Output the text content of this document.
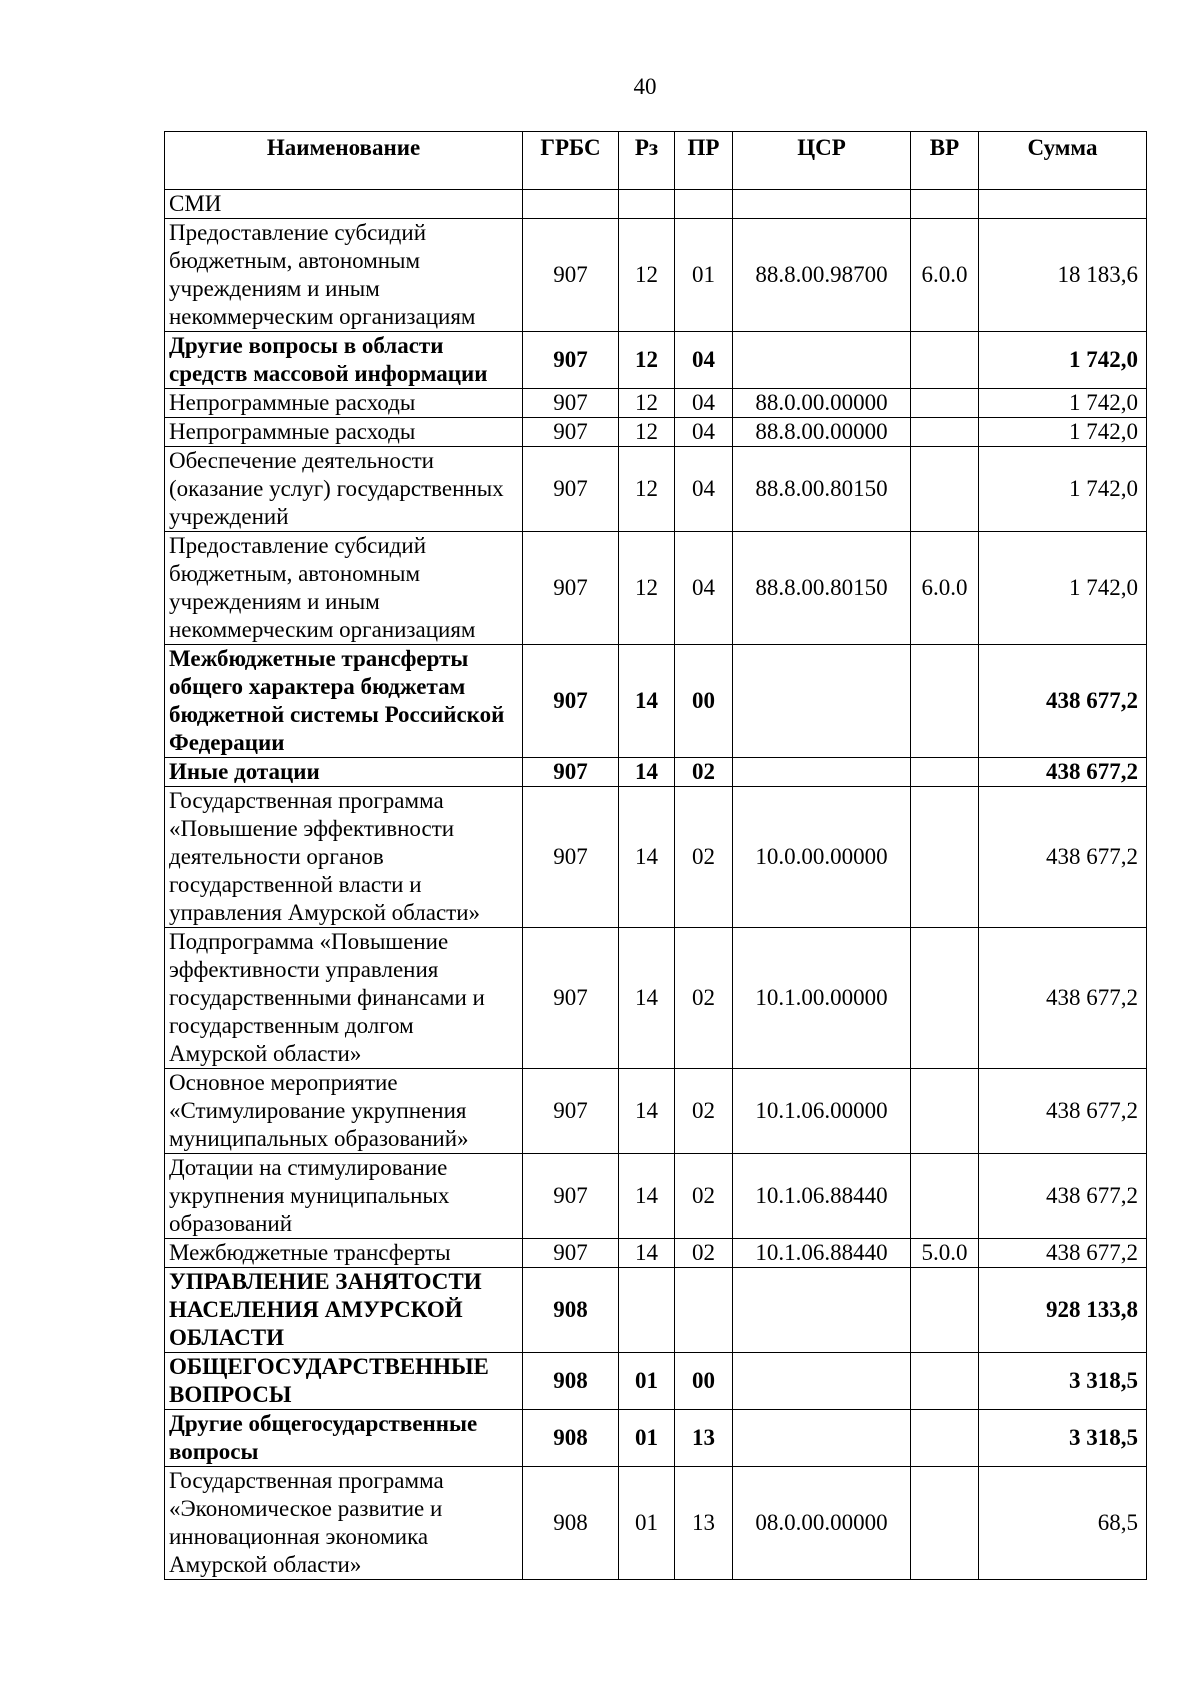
40
Наименование	ГРБС	Рз	ПР	ЦСР	ВР	Сумма
СМИ						
Предоставление субсидий бюджетным, автономным учреждениям и иным некоммерческим организациям	907	12	01	88.8.00.98700	6.0.0	18 183,6
Другие вопросы в области средств массовой информации	907	12	04			1 742,0
Непрограммные расходы	907	12	04	88.0.00.00000		1 742,0
Непрограммные расходы	907	12	04	88.8.00.00000		1 742,0
Обеспечение деятельности (оказание услуг) государственных учреждений	907	12	04	88.8.00.80150		1 742,0
Предоставление субсидий бюджетным, автономным учреждениям и иным некоммерческим организациям	907	12	04	88.8.00.80150	6.0.0	1 742,0
Межбюджетные трансферты общего характера бюджетам бюджетной системы Российской Федерации	907	14	00			438 677,2
Иные дотации	907	14	02			438 677,2
Государственная программа «Повышение эффективности деятельности органов государственной власти и управления Амурской области»	907	14	02	10.0.00.00000		438 677,2
Подпрограмма «Повышение эффективности управления государственными финансами и государственным долгом Амурской области»	907	14	02	10.1.00.00000		438 677,2
Основное мероприятие «Стимулирование укрупнения муниципальных образований»	907	14	02	10.1.06.00000		438 677,2
Дотации на стимулирование укрупнения муниципальных образований	907	14	02	10.1.06.88440		438 677,2
Межбюджетные трансферты	907	14	02	10.1.06.88440	5.0.0	438 677,2
УПРАВЛЕНИЕ ЗАНЯТОСТИ НАСЕЛЕНИЯ АМУРСКОЙ ОБЛАСТИ	908					928 133,8
ОБЩЕГОСУДАРСТВЕННЫЕ ВОПРОСЫ	908	01	00			3 318,5
Другие общегосударственные вопросы	908	01	13			3 318,5
Государственная программа «Экономическое развитие и инновационная экономика Амурской области»	908	01	13	08.0.00.00000		68,5
